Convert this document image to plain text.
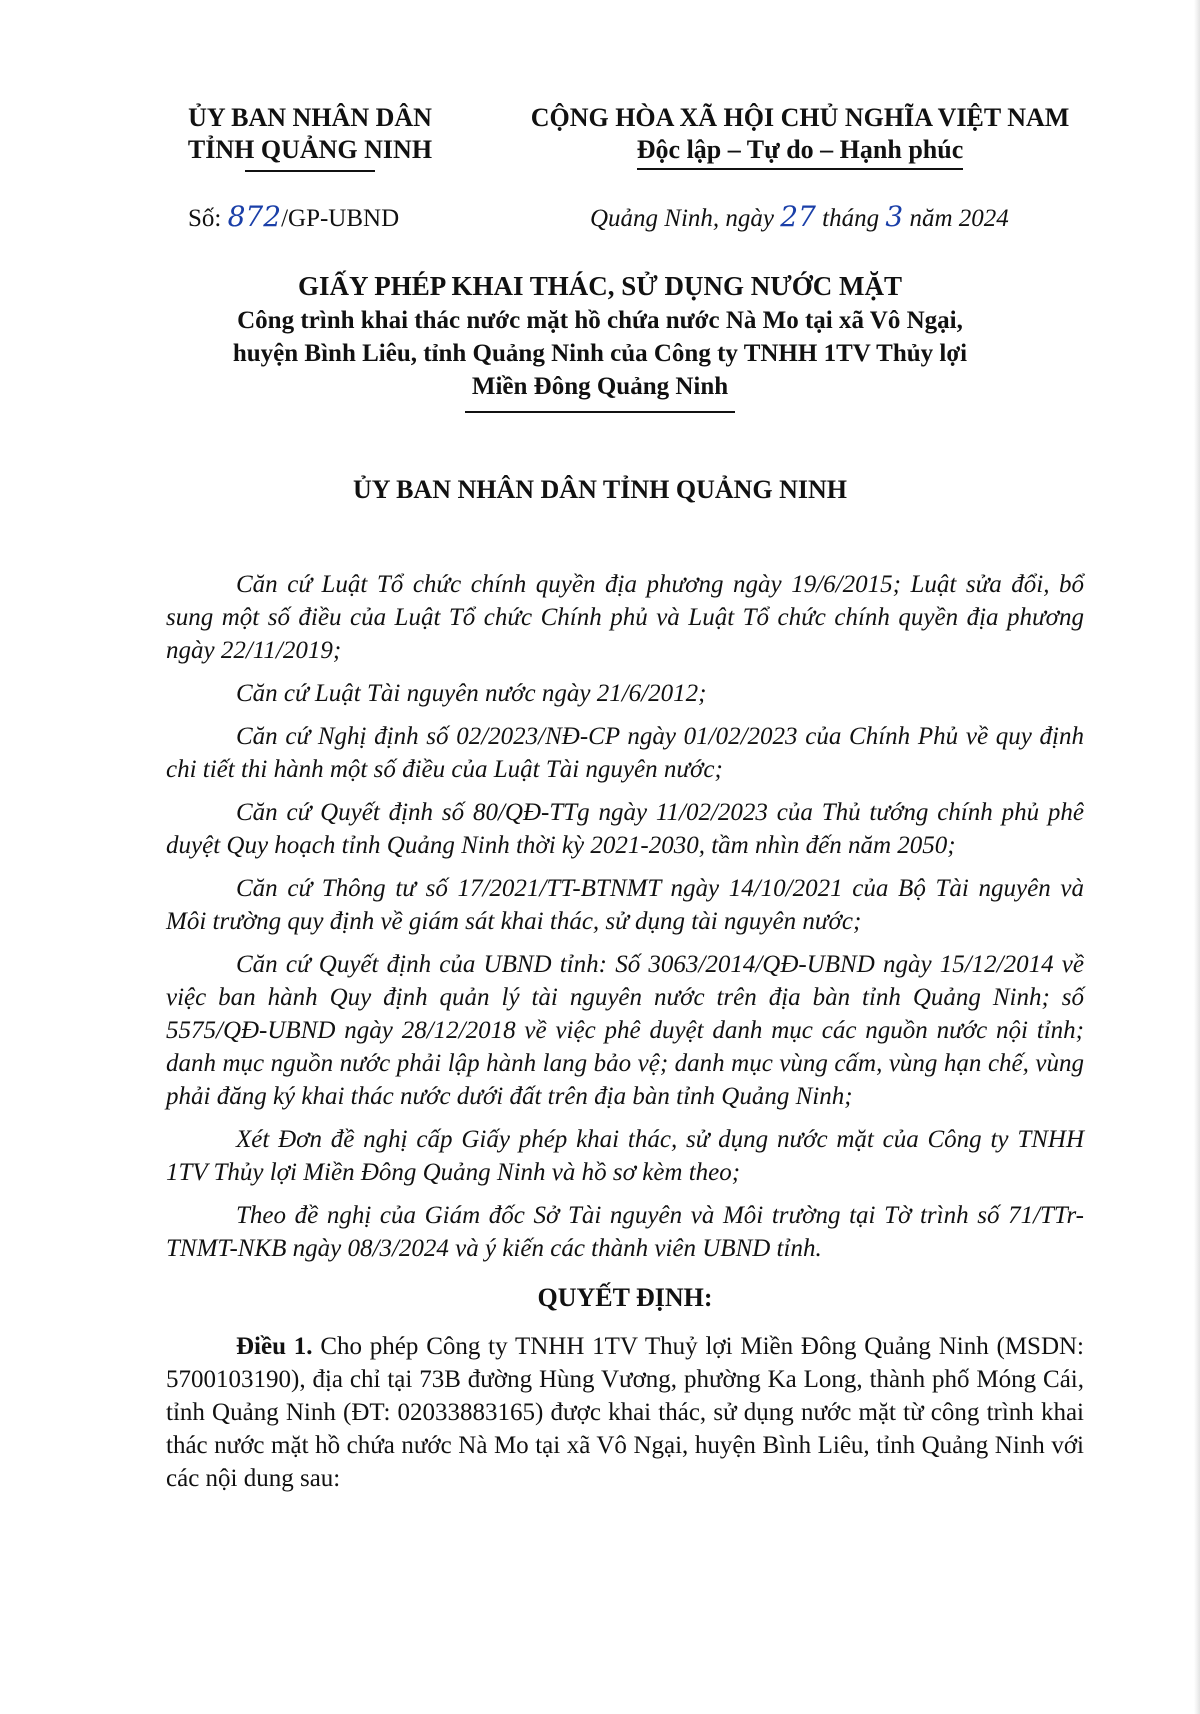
ỦY BAN NHÂN DÂN
TỈNH QUẢNG NINH
CỘNG HÒA XÃ HỘI CHỦ NGHĨA VIỆT NAM
Độc lập – Tự do – Hạnh phúc
Số: 872/GP-UBND	Quảng Ninh, ngày 27 tháng 3 năm 2024
GIẤY PHÉP KHAI THÁC, SỬ DỤNG NƯỚC MẶT
Công trình khai thác nước mặt hồ chứa nước Nà Mo tại xã Vô Ngại,
huyện Bình Liêu, tỉnh Quảng Ninh của Công ty TNHH 1TV Thủy lợi
Miền Đông Quảng Ninh
ỦY BAN NHÂN DÂN TỈNH QUẢNG NINH

Căn cứ Luật Tổ chức chính quyền địa phương ngày 19/6/2015; Luật sửa đổi, bổ sung một số điều của Luật Tổ chức Chính phủ và Luật Tổ chức chính quyền địa phương ngày 22/11/2019;

Căn cứ Luật Tài nguyên nước ngày 21/6/2012;

Căn cứ Nghị định số 02/2023/NĐ-CP ngày 01/02/2023 của Chính Phủ về quy định chi tiết thi hành một số điều của Luật Tài nguyên nước;

Căn cứ Quyết định số 80/QĐ-TTg ngày 11/02/2023 của Thủ tướng chính phủ phê duyệt Quy hoạch tỉnh Quảng Ninh thời kỳ 2021-2030, tầm nhìn đến năm 2050;

Căn cứ Thông tư số 17/2021/TT-BTNMT ngày 14/10/2021 của Bộ Tài nguyên và Môi trường quy định về giám sát khai thác, sử dụng tài nguyên nước;

Căn cứ Quyết định của UBND tỉnh: Số 3063/2014/QĐ-UBND ngày 15/12/2014 về việc ban hành Quy định quản lý tài nguyên nước trên địa bàn tỉnh Quảng Ninh; số 5575/QĐ-UBND ngày 28/12/2018 về việc phê duyệt danh mục các nguồn nước nội tỉnh; danh mục nguồn nước phải lập hành lang bảo vệ; danh mục vùng cấm, vùng hạn chế, vùng phải đăng ký khai thác nước dưới đất trên địa bàn tỉnh Quảng Ninh;

Xét Đơn đề nghị cấp Giấy phép khai thác, sử dụng nước mặt của Công ty TNHH 1TV Thủy lợi Miền Đông Quảng Ninh và hồ sơ kèm theo;

Theo đề nghị của Giám đốc Sở Tài nguyên và Môi trường tại Tờ trình số 71/TTr-TNMT-NKB ngày 08/3/2024 và ý kiến các thành viên UBND tỉnh.

QUYẾT ĐỊNH:

Điều 1. Cho phép Công ty TNHH 1TV Thuỷ lợi Miền Đông Quảng Ninh (MSDN: 5700103190), địa chỉ tại 73B đường Hùng Vương, phường Ka Long, thành phố Móng Cái, tỉnh Quảng Ninh (ĐT: 02033883165) được khai thác, sử dụng nước mặt từ công trình khai thác nước mặt hồ chứa nước Nà Mo tại xã Vô Ngại, huyện Bình Liêu, tỉnh Quảng Ninh với các nội dung sau:
